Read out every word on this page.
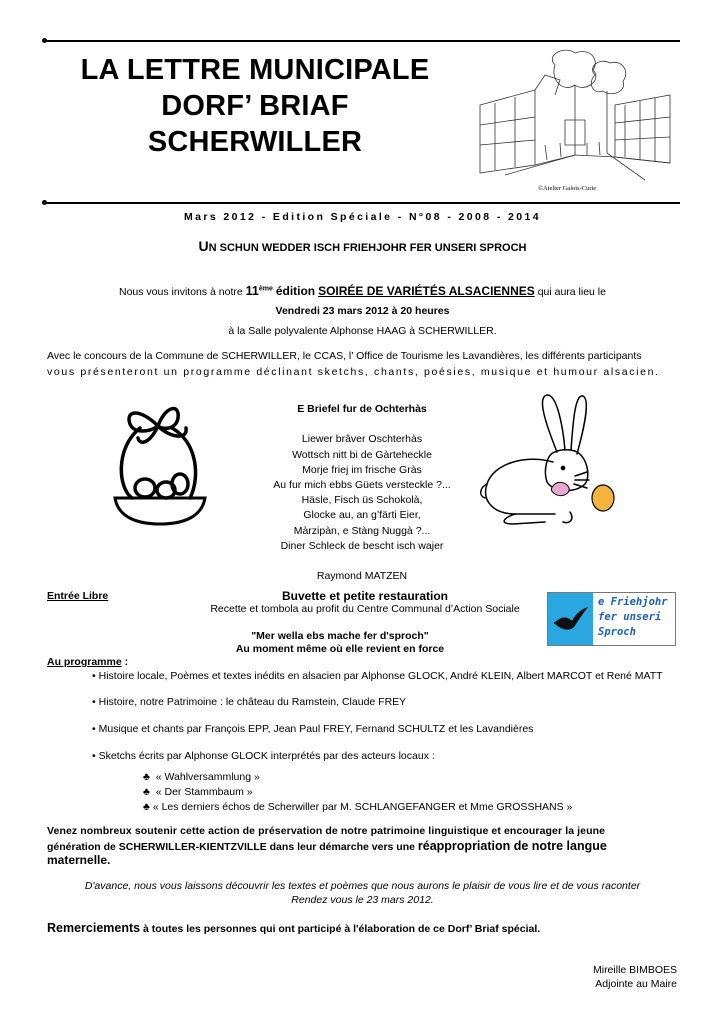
LA LETTRE MUNICIPALE
DORF’ BRIAF
SCHERWILLER
©Atelier Galois-Curie
Mars 2012 - Edition Spéciale - N°08 - 2008 - 2014
UN SCHUN WEDDER ISCH FRIEHJOHR FER UNSERI SPROCH
Nous vous invitons à notre 11ème édition SOIRÉE DE VARIÉTÉS ALSACIENNES qui aura lieu le
Vendredi 23 mars 2012 à 20 heures
à la Salle polyvalente Alphonse HAAG à SCHERWILLER.
Avec le concours de la Commune de SCHERWILLER, le CCAS, l’ Office de Tourisme les Lavandières, les différents participants
vous présenteront un programme déclinant sketchs, chants, poésies, musique et humour alsacien.

E Briefel fur de Ochterhàs

Liewer brâver Oschterhàs

Wottsch nitt bi de Gàrteheckle

Morje friej im frische Gràs

Au fur mich ebbs Güets versteckle ?...

Häsle, Fisch üs Schokolà,

Glocke au, an g’färti Eier,

Màrzipàn, e Stàng Nuggà ?...

Diner Schleck de bescht isch wajer

Raymond MATZEN

Entrée Libre	Buvette et petite restauration
Recette et tombola au profit du Centre Communal d’Action Sociale
e Friehjohr
fer unseri
Sproch
"Mer wella ebs mache fer d'sproch"
Au moment même où elle revient en force
Au programme :
• Histoire locale, Poèmes et textes inédits en alsacien par Alphonse GLOCK, André KLEIN, Albert MARCOT et René MATT
• Histoire, notre Patrimoine : le château du Ramstein, Claude FREY
• Musique et chants par François EPP, Jean Paul FREY, Fernand SCHULTZ et les Lavandières
• Sketchs écrits par Alphonse GLOCK interprétés par des acteurs locaux :
♣ « Wahlversammlung »
♣ « Der Stammbaum »
♣ « Les derniers échos de Scherwiller par M. SCHLANGEFANGER et Mme GROSSHANS »
Venez nombreux soutenir cette action de préservation de notre patrimoine linguistique et encourager la jeune
génération de SCHERWILLER-KIENTZVILLE dans leur démarche vers une réappropriation de notre langue
maternelle.
D'avance, nous vous laissons découvrir les textes et poèmes que nous aurons le plaisir de vous lire et de vous raconter
Rendez vous le 23 mars 2012.
Remerciements à toutes les personnes qui ont participé à l'élaboration de ce Dorf’ Briaf spécial.
Mireille BIMBOES
Adjointe au Maire
